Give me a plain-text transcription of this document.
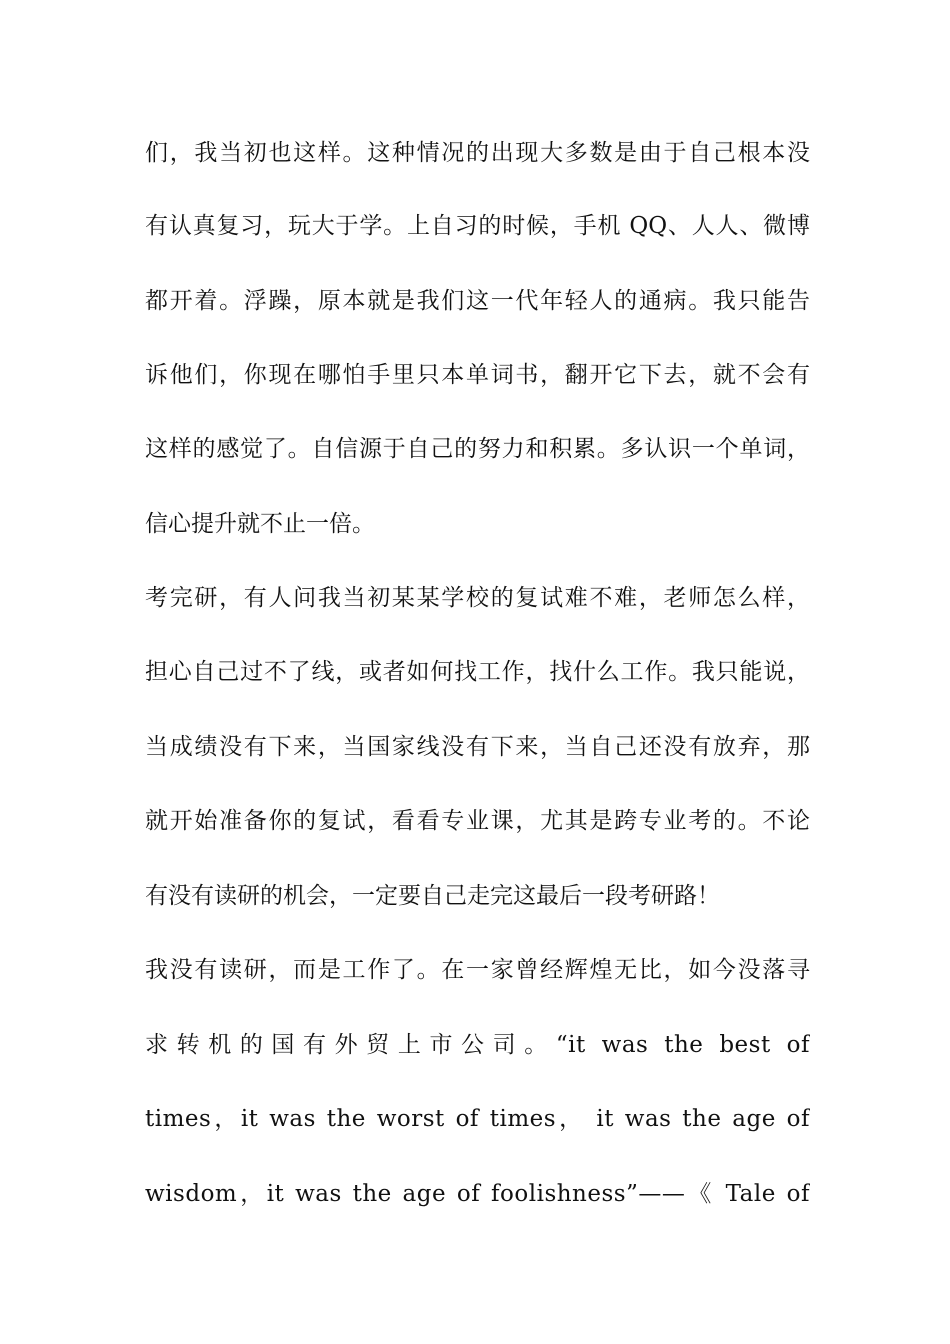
们，我当初也这样。这种情况的出现大多数是由于自己根本没
有认真复习，玩大于学。上自习的时候，手机 QQ、人人、微博
都开着。浮躁，原本就是我们这一代年轻人的通病。我只能告
诉他们，你现在哪怕手里只本单词书，翻开它下去，就不会有
这样的感觉了。自信源于自己的努力和积累。多认识一个单词，
信心提升就不止一倍。
考完研，有人问我当初某某学校的复试难不难，老师怎么样，
担心自己过不了线，或者如何找工作，找什么工作。我只能说，
当成绩没有下来，当国家线没有下来，当自己还没有放弃，那
就开始准备你的复试，看看专业课，尤其是跨专业考的。不论
有没有读研的机会，一定要自己走完这最后一段考研路！
我没有读研，而是工作了。在一家曾经辉煌无比，如今没落寻
求转机的国有外贸上市公司。“it was the best of
times，it was the worst of times， it was the age of
wisdom，it was the age of foolishness”——《 Tale of
